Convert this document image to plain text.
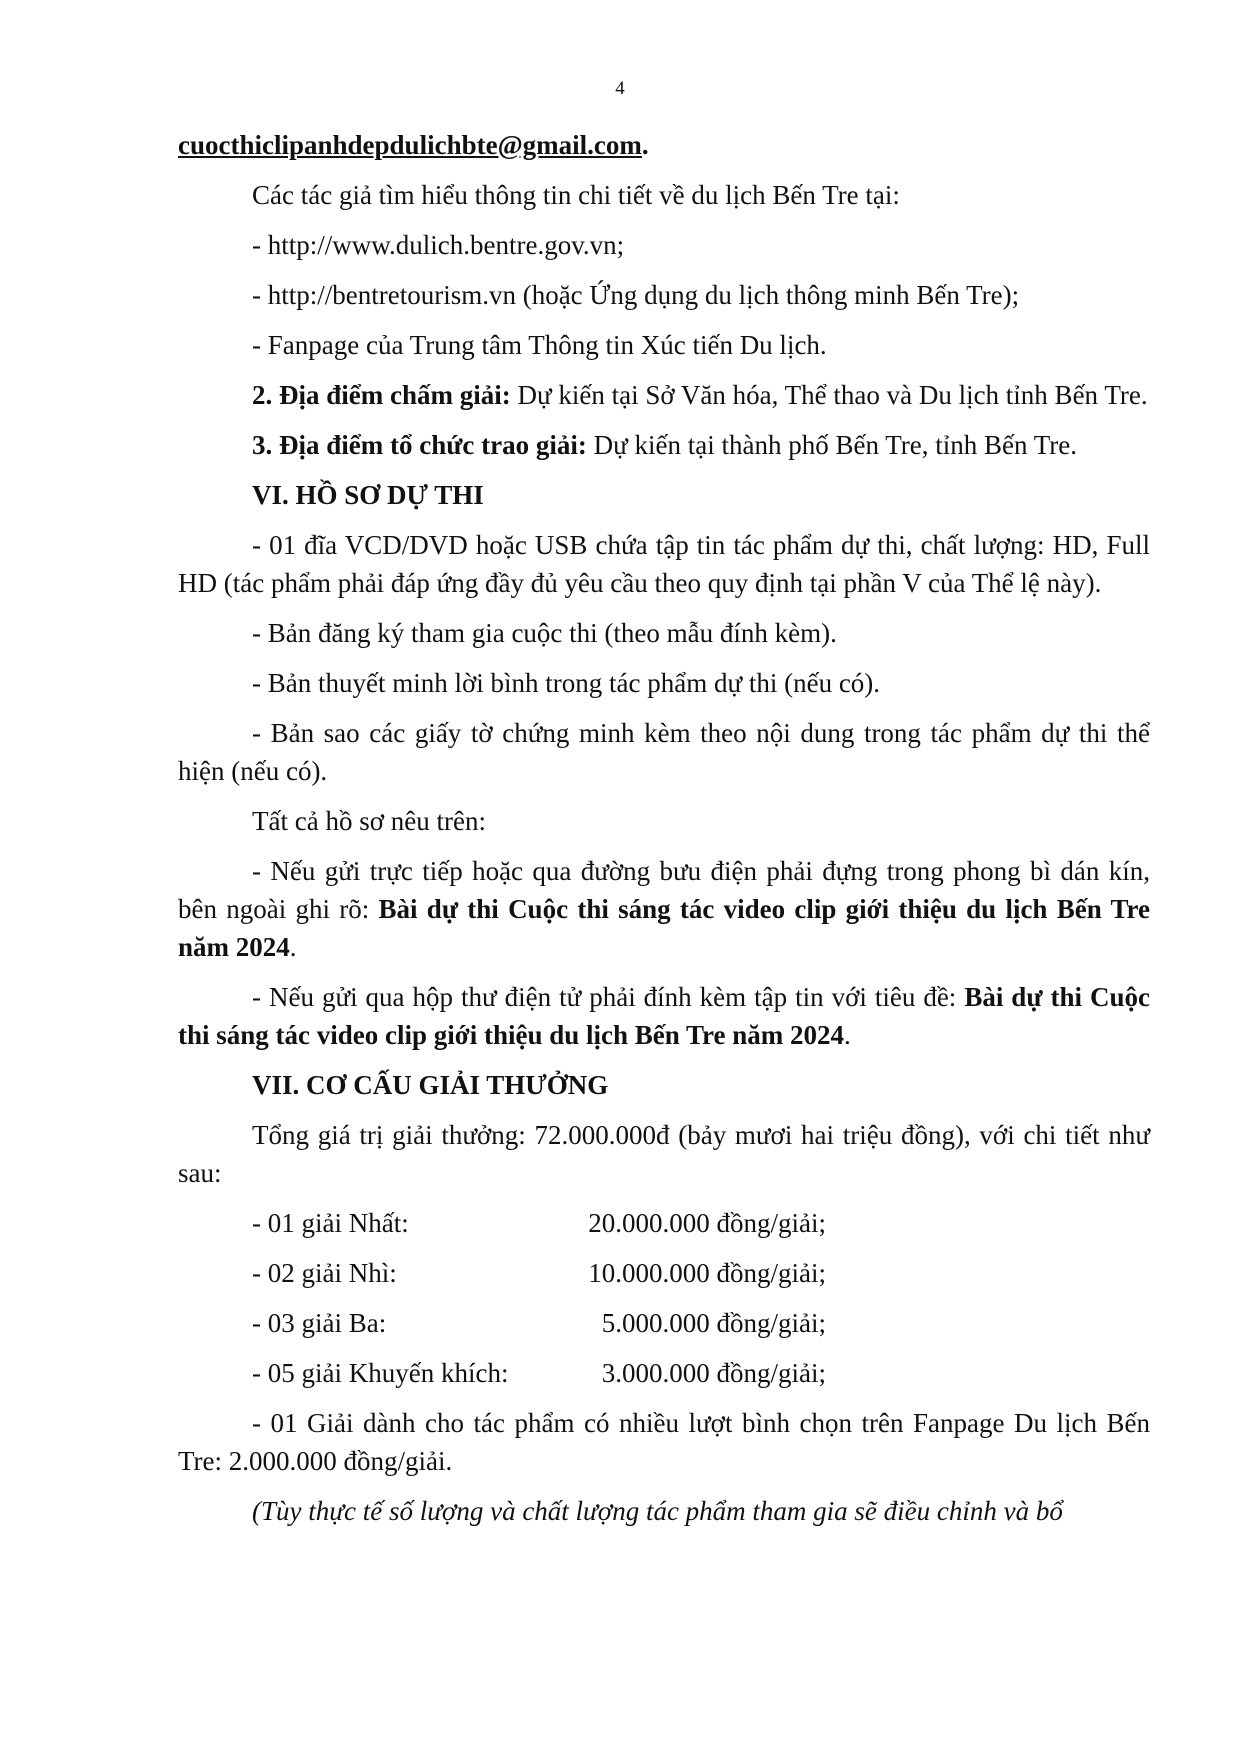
4

cuocthiclipanhdepdulichbte@gmail.com.

Các tác giả tìm hiểu thông tin chi tiết về du lịch Bến Tre tại:

- http://www.dulich.bentre.gov.vn;

- http://bentretourism.vn (hoặc Ứng dụng du lịch thông minh Bến Tre);

- Fanpage của Trung tâm Thông tin Xúc tiến Du lịch.

2. Địa điểm chấm giải: Dự kiến tại Sở Văn hóa, Thể thao và Du lịch tỉnh Bến Tre.

3. Địa điểm tổ chức trao giải: Dự kiến tại thành phố Bến Tre, tỉnh Bến Tre.

VI. HỒ SƠ DỰ THI

- 01 đĩa VCD/DVD hoặc USB chứa tập tin tác phẩm dự thi, chất lượng: HD, Full HD (tác phẩm phải đáp ứng đầy đủ yêu cầu theo quy định tại phần V của Thể lệ này).

- Bản đăng ký tham gia cuộc thi (theo mẫu đính kèm).

- Bản thuyết minh lời bình trong tác phẩm dự thi (nếu có).

- Bản sao các giấy tờ chứng minh kèm theo nội dung trong tác phẩm dự thi thể hiện (nếu có).

Tất cả hồ sơ nêu trên:

- Nếu gửi trực tiếp hoặc qua đường bưu điện phải đựng trong phong bì dán kín, bên ngoài ghi rõ: Bài dự thi Cuộc thi sáng tác video clip giới thiệu du lịch Bến Tre năm 2024.

- Nếu gửi qua hộp thư điện tử phải đính kèm tập tin với tiêu đề: Bài dự thi Cuộc thi sáng tác video clip giới thiệu du lịch Bến Tre năm 2024.

VII. CƠ CẤU GIẢI THƯỞNG

Tổng giá trị giải thưởng: 72.000.000đ (bảy mươi hai triệu đồng), với chi tiết như sau:

- 01 giải Nhất:	20.000.000 đồng/giải;
- 02 giải Nhì:	10.000.000 đồng/giải;
- 03 giải Ba:	5.000.000 đồng/giải;
- 05 giải Khuyến khích:	3.000.000 đồng/giải;

- 01 Giải dành cho tác phẩm có nhiều lượt bình chọn trên Fanpage Du lịch Bến Tre: 2.000.000 đồng/giải.

(Tùy thực tế số lượng và chất lượng tác phẩm tham gia sẽ điều chỉnh và bổ
